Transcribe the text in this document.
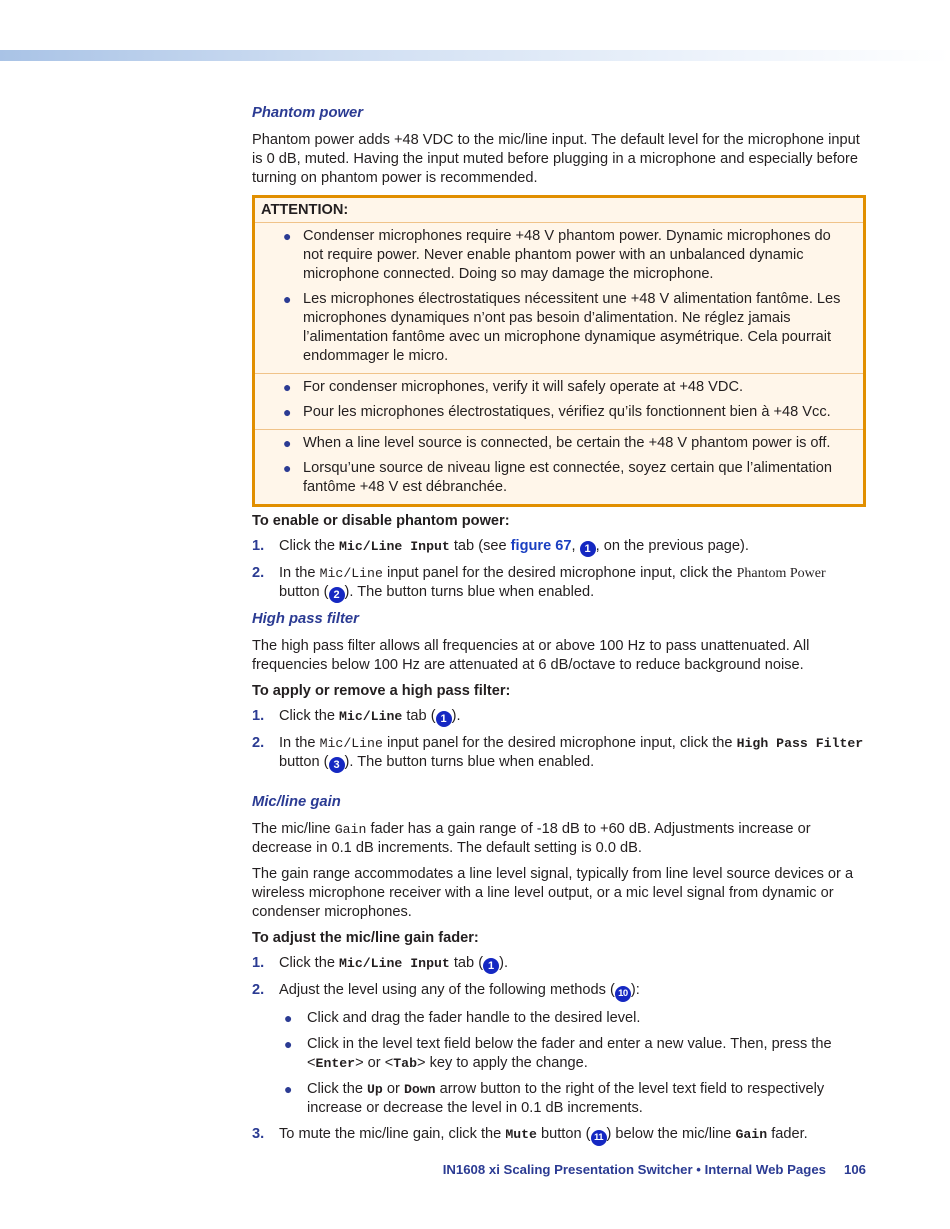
Phantom power

Phantom power adds +48 VDC to the mic/line input. The default level for the microphone input is 0 dB, muted. Having the input muted before plugging in a microphone and especially before turning on phantom power is recommended.

ATTENTION:
● Condenser microphones require +48 V phantom power. Dynamic microphones do not require power. Never enable phantom power with an unbalanced dynamic microphone connected. Doing so may damage the microphone.
● Les microphones électrostatiques nécessitent une +48 V alimentation fantôme. Les microphones dynamiques n’ont pas besoin d’alimentation. Ne réglez jamais l’alimentation fantôme avec un microphone dynamique asymétrique. Cela pourrait endommager le micro.
● For condenser microphones, verify it will safely operate at +48 VDC.
● Pour les microphones électrostatiques, vérifiez qu’ils fonctionnent bien à +48 Vcc.
● When a line level source is connected, be certain the +48 V phantom power is off.
● Lorsqu’une source de niveau ligne est connectée, soyez certain que l’alimentation fantôme +48 V est débranchée.
To enable or disable phantom power:
1. Click the Mic/Line Input tab (see figure 67, 1 , on the previous page).
2. In the Mic/Line input panel for the desired microphone input, click the Phantom Power button ( 2 ). The button turns blue when enabled.
High pass filter

The high pass filter allows all frequencies at or above 100 Hz to pass unattenuated. All frequencies below 100 Hz are attenuated at 6 dB/octave to reduce background noise.

To apply or remove a high pass filter:
1. Click the Mic/Line tab ( 1 ).
2. In the Mic/Line input panel for the desired microphone input, click the High Pass Filter button ( 3 ). The button turns blue when enabled.
Mic/line gain

The mic/line Gain fader has a gain range of -18 dB to +60 dB. Adjustments increase or decrease in 0.1 dB increments. The default setting is 0.0 dB.

The gain range accommodates a line level signal, typically from line level source devices or a wireless microphone receiver with a line level output, or a mic level signal from dynamic or condenser microphones.

To adjust the mic/line gain fader:
1. Click the Mic/Line Input tab ( 1 ).
2. Adjust the level using any of the following methods ( 10 ):
● Click and drag the fader handle to the desired level.
● Click in the level text field below the fader and enter a new value. Then, press the <Enter> or <Tab> key to apply the change.
● Click the Up or Down arrow button to the right of the level text field to respectively increase or decrease the level in 0.1 dB increments.
3. To mute the mic/line gain, click the Mute button ( 11 ) below the mic/line Gain fader.
IN1608 xi Scaling Presentation Switcher • Internal Web Pages 106
